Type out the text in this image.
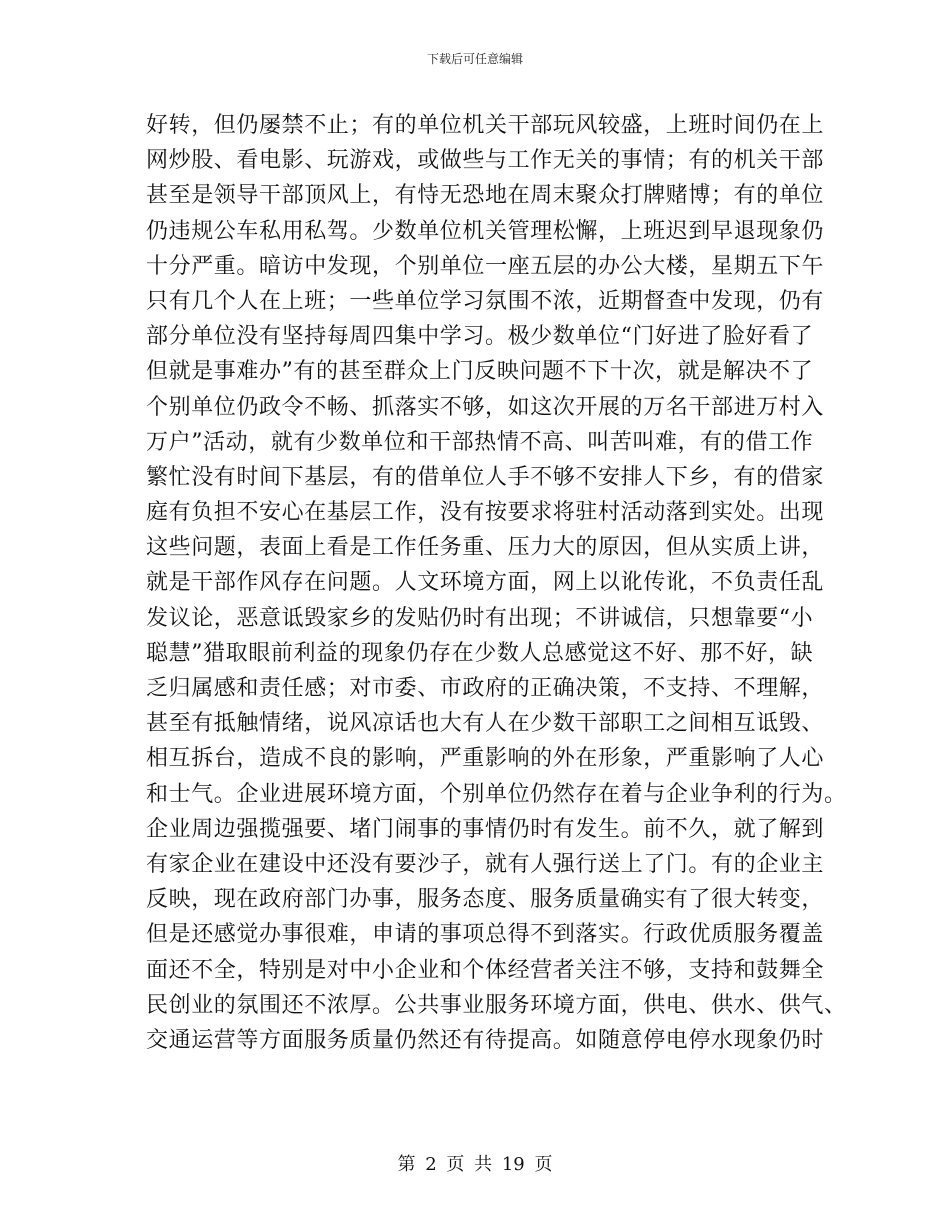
下载后可任意编辑
好转，但仍屡禁不止；有的单位机关干部玩风较盛，上班时间仍在上
网炒股、看电影、玩游戏，或做些与工作无关的事情；有的机关干部
甚至是领导干部顶风上，有恃无恐地在周末聚众打牌赌博；有的单位
仍违规公车私用私驾。少数单位机关管理松懈，上班迟到早退现象仍
十分严重。暗访中发现，个别单位一座五层的办公大楼，星期五下午
只有几个人在上班；一些单位学习氛围不浓，近期督查中发现，仍有
部分单位没有坚持每周四集中学习。极少数单位“门好进了脸好看了
但就是事难办”有的甚至群众上门反映问题不下十次，就是解决不了
个别单位仍政令不畅、抓落实不够，如这次开展的万名干部进万村入
万户”活动，就有少数单位和干部热情不高、叫苦叫难，有的借工作
繁忙没有时间下基层，有的借单位人手不够不安排人下乡，有的借家
庭有负担不安心在基层工作，没有按要求将驻村活动落到实处。出现
这些问题，表面上看是工作任务重、压力大的原因，但从实质上讲，
就是干部作风存在问题。人文环境方面，网上以讹传讹，不负责任乱
发议论，恶意诋毁家乡的发贴仍时有出现；不讲诚信，只想靠要“小
聪慧”猎取眼前利益的现象仍存在少数人总感觉这不好、那不好，缺
乏归属感和责任感；对市委、市政府的正确决策，不支持、不理解，
甚至有抵触情绪，说风凉话也大有人在少数干部职工之间相互诋毁、
相互拆台，造成不良的影响，严重影响的外在形象，严重影响了人心
和士气。企业进展环境方面，个别单位仍然存在着与企业争利的行为。
企业周边强揽强要、堵门闹事的事情仍时有发生。前不久，就了解到
有家企业在建设中还没有要沙子，就有人强行送上了门。有的企业主
反映，现在政府部门办事，服务态度、服务质量确实有了很大转变，
但是还感觉办事很难，申请的事项总得不到落实。行政优质服务覆盖
面还不全，特别是对中小企业和个体经营者关注不够，支持和鼓舞全
民创业的氛围还不浓厚。公共事业服务环境方面，供电、供水、供气、
交通运营等方面服务质量仍然还有待提高。如随意停电停水现象仍时
第 2 页 共 19 页
